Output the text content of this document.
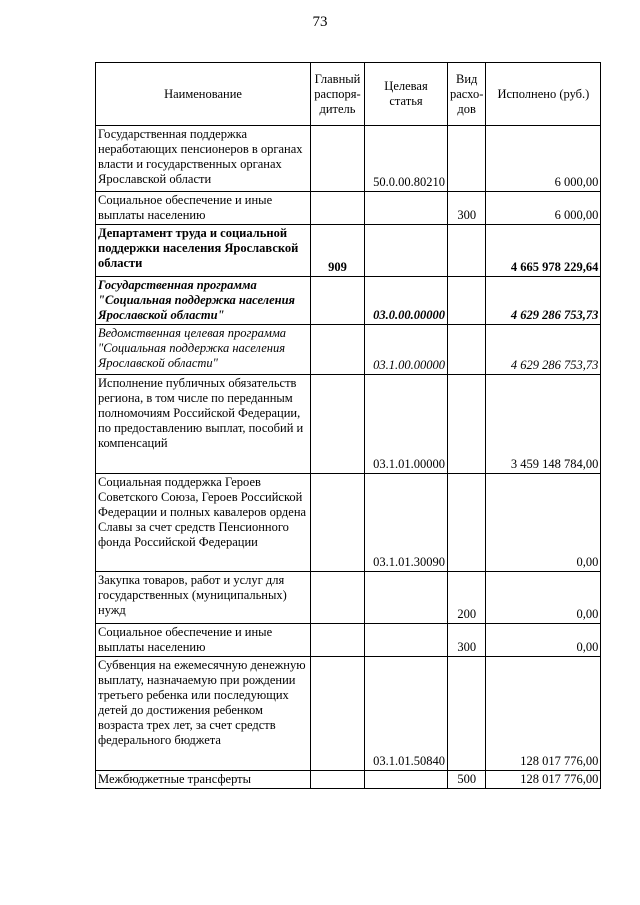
73
Наименование	Главный распоря-дитель	Целевая статья	Вид расхо-дов	Исполнено (руб.)
Государственная поддержка неработающих пенсионеров в органах власти и государственных органах Ярославской области		50.0.00.80210		6 000,00
Социальное обеспечение и иные выплаты населению			300	6 000,00
Департамент труда и социальной поддержки населения Ярославской области	909			4 665 978 229,64
Государственная программа "Социальная поддержка населения Ярославской области"		03.0.00.00000		4 629 286 753,73
Ведомственная целевая программа "Социальная поддержка населения Ярославской области"		03.1.00.00000		4 629 286 753,73
Исполнение публичных обязательств региона, в том числе по переданным полномочиям Российской Федерации, по предоставлению выплат, пособий и компенсаций		03.1.01.00000		3 459 148 784,00
Социальная поддержка Героев Советского Союза, Героев Российской Федерации и полных кавалеров ордена Славы за счет средств Пенсионного фонда Российской Федерации		03.1.01.30090		0,00
Закупка товаров, работ и услуг для государственных (муниципальных) нужд			200	0,00
Социальное обеспечение и иные выплаты населению			300	0,00
Субвенция на ежемесячную денежную выплату, назначаемую при рождении третьего ребенка или последующих детей до достижения ребенком возраста трех лет, за счет средств федерального бюджета		03.1.01.50840		128 017 776,00
Межбюджетные трансферты			500	128 017 776,00
